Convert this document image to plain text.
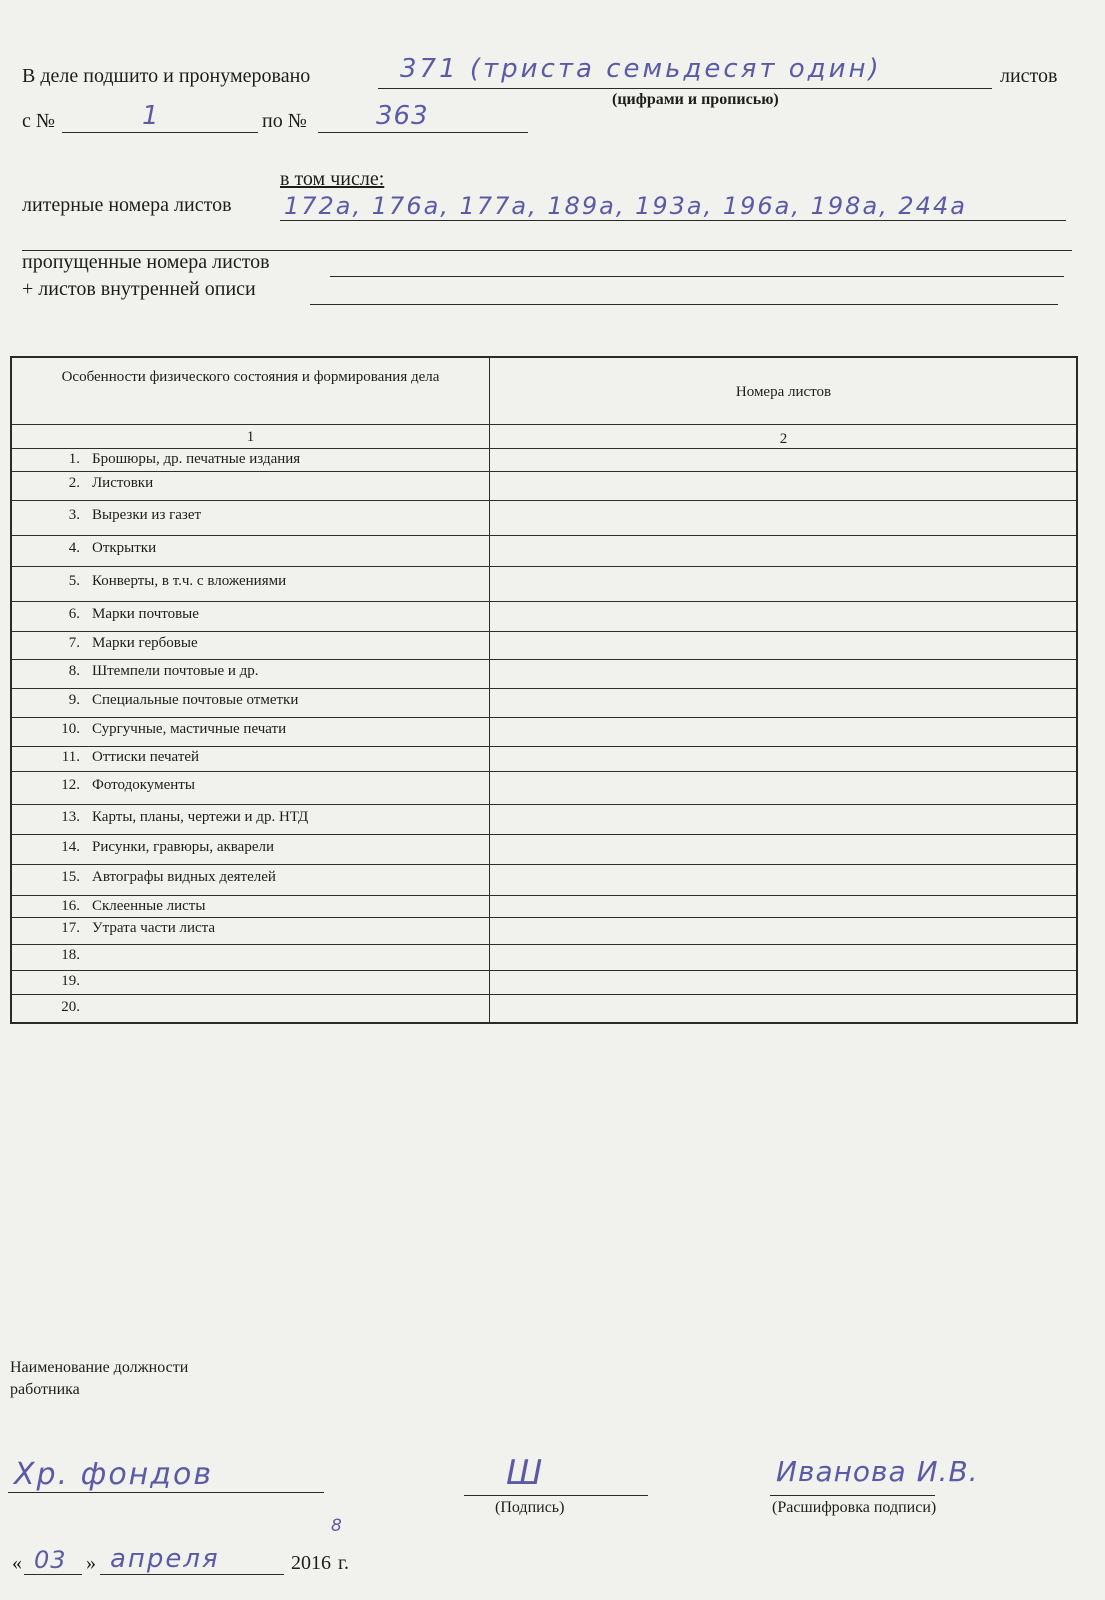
В деле подшито и пронумеровано	371 (триста семьдесят один)	листов
(цифрами и прописью)
с №	1	по №	363
в том числе:
литерные номера листов 172а, 176а, 177а, 189а, 193а, 196а, 198а, 244а
пропущенные номера листов
+ листов внутренней описи
Особенности физического состояния и формирования дела
Номера листов
1	2
1. Брошюры, др. печатные издания
2. Листовки
3. Вырезки из газет
4. Открытки
5. Конверты, в т.ч. с вложениями
6. Марки почтовые
7. Марки гербовые
8. Штемпели почтовые и др.
9. Специальные почтовые отметки
10. Сургучные, мастичные печати
11. Оттиски печатей
12. Фотодокументы
13. Карты, планы, чертежи и др. НТД
14. Рисунки, гравюры, акварели
15. Автографы видных деятелей
16. Склеенные листы
17. Утрата части листа
18.
19.
20.
Наименование должности
работника
Хр. фондов	Ш
(Подпись)
Иванова И.В.
(Расшифровка подписи)
« 03 » апреля	2016
8
г.
